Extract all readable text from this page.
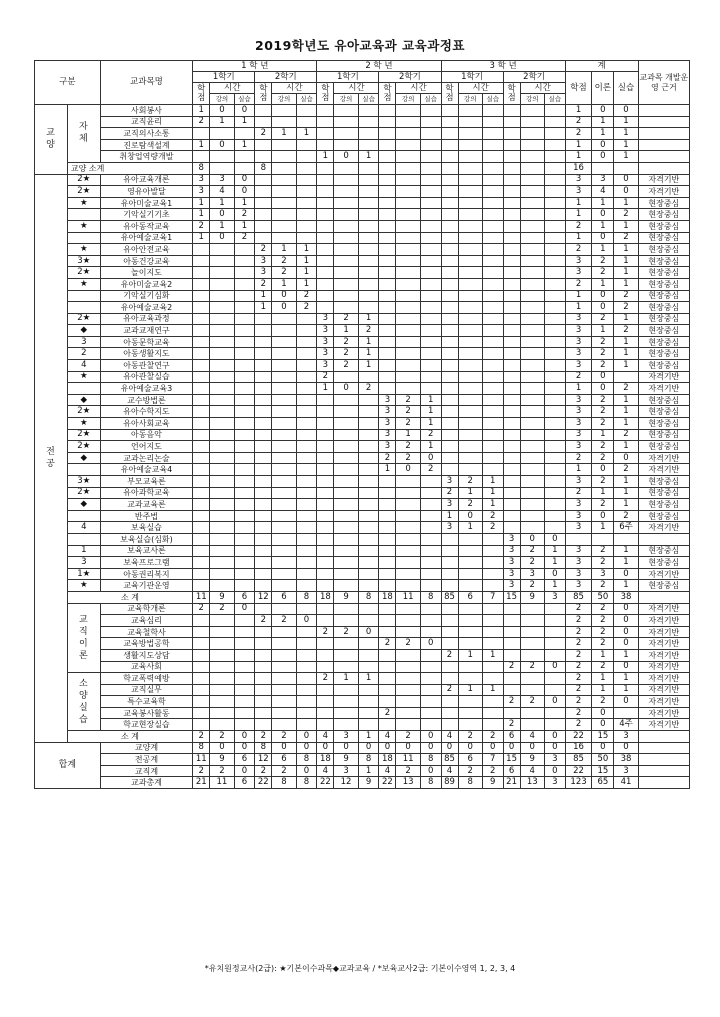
2019학년도 유아교육과 교육과정표
구분		교과목명	1 학 년						2 학 년						3 학 년						계			교과목 개발운영 근거
			1학기			2학기			1학기			2학기			1학기			2학기			학점	이론	실습	
			학점	시간		학점	시간		학점	시간		학점	시간		학점	시간		학점	시간					
				강의	실습		강의	실습		강의	실습		강의	실습		강의	실습		강의	실습				
교양	자체	사회봉사	1	0	0																1	0	0	
		교직윤리	2	1	1																2	1	1	
		교직의사소통				2	1	1													2	1	1	
		진로탐색설계	1	0	1																1	0	1	
		취창업역량개발							1	0	1										1	0	1	
	교양 소계		8			8															16			
전공	2★	유아교육개론	3	3	0																3	3	0	자격기반
	2★	영유아발달	3	4	0																3	4	0	자격기반
	★	유아미술교육1	1	1	1																1	1	1	현장중심
		기악실기기초	1	0	2																1	0	2	현장중심
	★	유아동작교육	2	1	1																2	1	1	현장중심
		유아예술교육1	1	0	2																1	0	2	현장중심
	★	유아안전교육				2	1	1													2	1	1	현장중심
	3★	아동건강교육				3	2	1													3	2	1	현장중심
	2★	놀이지도				3	2	1													3	2	1	현장중심
	★	유아미술교육2				2	1	1													2	1	1	현장중심
		기악실기심화				1	0	2													1	0	2	현장중심
		유아예술교육2				1	0	2													1	0	2	현장중심
	2★	유아교육과정							3	2	1										3	2	1	현장중심
	◆	교과교재연구							3	1	2										3	1	2	현장중심
	3	아동문학교육							3	2	1										3	2	1	현장중심
	2	아동생활지도							3	2	1										3	2	1	현장중심
	4	아동관찰연구							3	2	1										3	2	1	현장중심
	★	유아관찰실습							2												2	0		자격기반
		유아예술교육3							1	0	2										1	0	2	자격기반
	◆	교수방법론										3	2	1							3	2	1	현장중심
	2★	유아수학지도										3	2	1							3	2	1	현장중심
	★	유아사회교육										3	2	1							3	2	1	현장중심
	2★	아동음악										3	1	2							3	1	2	현장중심
	2★	언어지도										3	2	1							3	2	1	현장중심
	◆	교과논리논술										2	2	0							2	2	0	자격기반
		유아예술교육4										1	0	2							1	0	2	자격기반
	3★	부모교육론													3	2	1				3	2	1	현장중심
	2★	유아과학교육													2	1	1				2	1	1	현장중심
	◆	교과교육론													3	2	1				3	2	1	현장중심
		반주법													1	0	2				3	0	2	현장중심
	4	보육실습													3	1	2				3	1	6주	자격기반
		보육실습(심화)																3	0	0				
	1	보육교사론																3	2	1	3	2	1	현장중심
	3	보육프로그램																3	2	1	3	2	1	현장중심
	1★	아동권리복지																3	3	0	3	3	0	자격기반
	★	교육기관운영																3	2	1	3	2	1	현장중심
	소 계		11	9	6	12	6	8	18	9	8	18	11	8	85	6	7	15	9	3	85	50	38	
	교직이론	교육학개론	2	2	0																2	2	0	자격기반
		교육심리				2	2	0													2	2	0	자격기반
		교육철학사							2	2	0										2	2	0	자격기반
		교육방법공학										2	2	0							2	2	0	자격기반
		생활지도상담													2	1	1				2	1	1	자격기반
		교육사회																2	2	0	2	2	0	자격기반
	소양실습	학교폭력예방							2	1	1										2	1	1	자격기반
		교직실무													2	1	1				2	1	1	자격기반
		특수교육학																2	2	0	2	2	0	자격기반
		교육봉사활동										2									2	0		자격기반
		학교현장실습																2			2	0	4주	자격기반
	소 계		2	2	0	2	2	0	4	3	1	4	2	0	4	2	2	6	4	0	22	15	3	
합계		교양계	8	0	0	8	0	0	0	0	0	0	0	0	0	0	0	0	0	0	16	0	0	
		전공계	11	9	6	12	6	8	18	9	8	18	11	8	85	6	7	15	9	3	85	50	38	
		교직계	2	2	0	2	2	0	4	3	1	4	2	0	4	2	2	6	4	0	22	15	3	
		교과총계	21	11	6	22	8	8	22	12	9	22	13	8	89	8	9	21	13	3	123	65	41	
*유치원정교사(2급): ★기본이수과목◆교과교육 / *보육교사2급: 기본이수영역 1, 2, 3, 4
